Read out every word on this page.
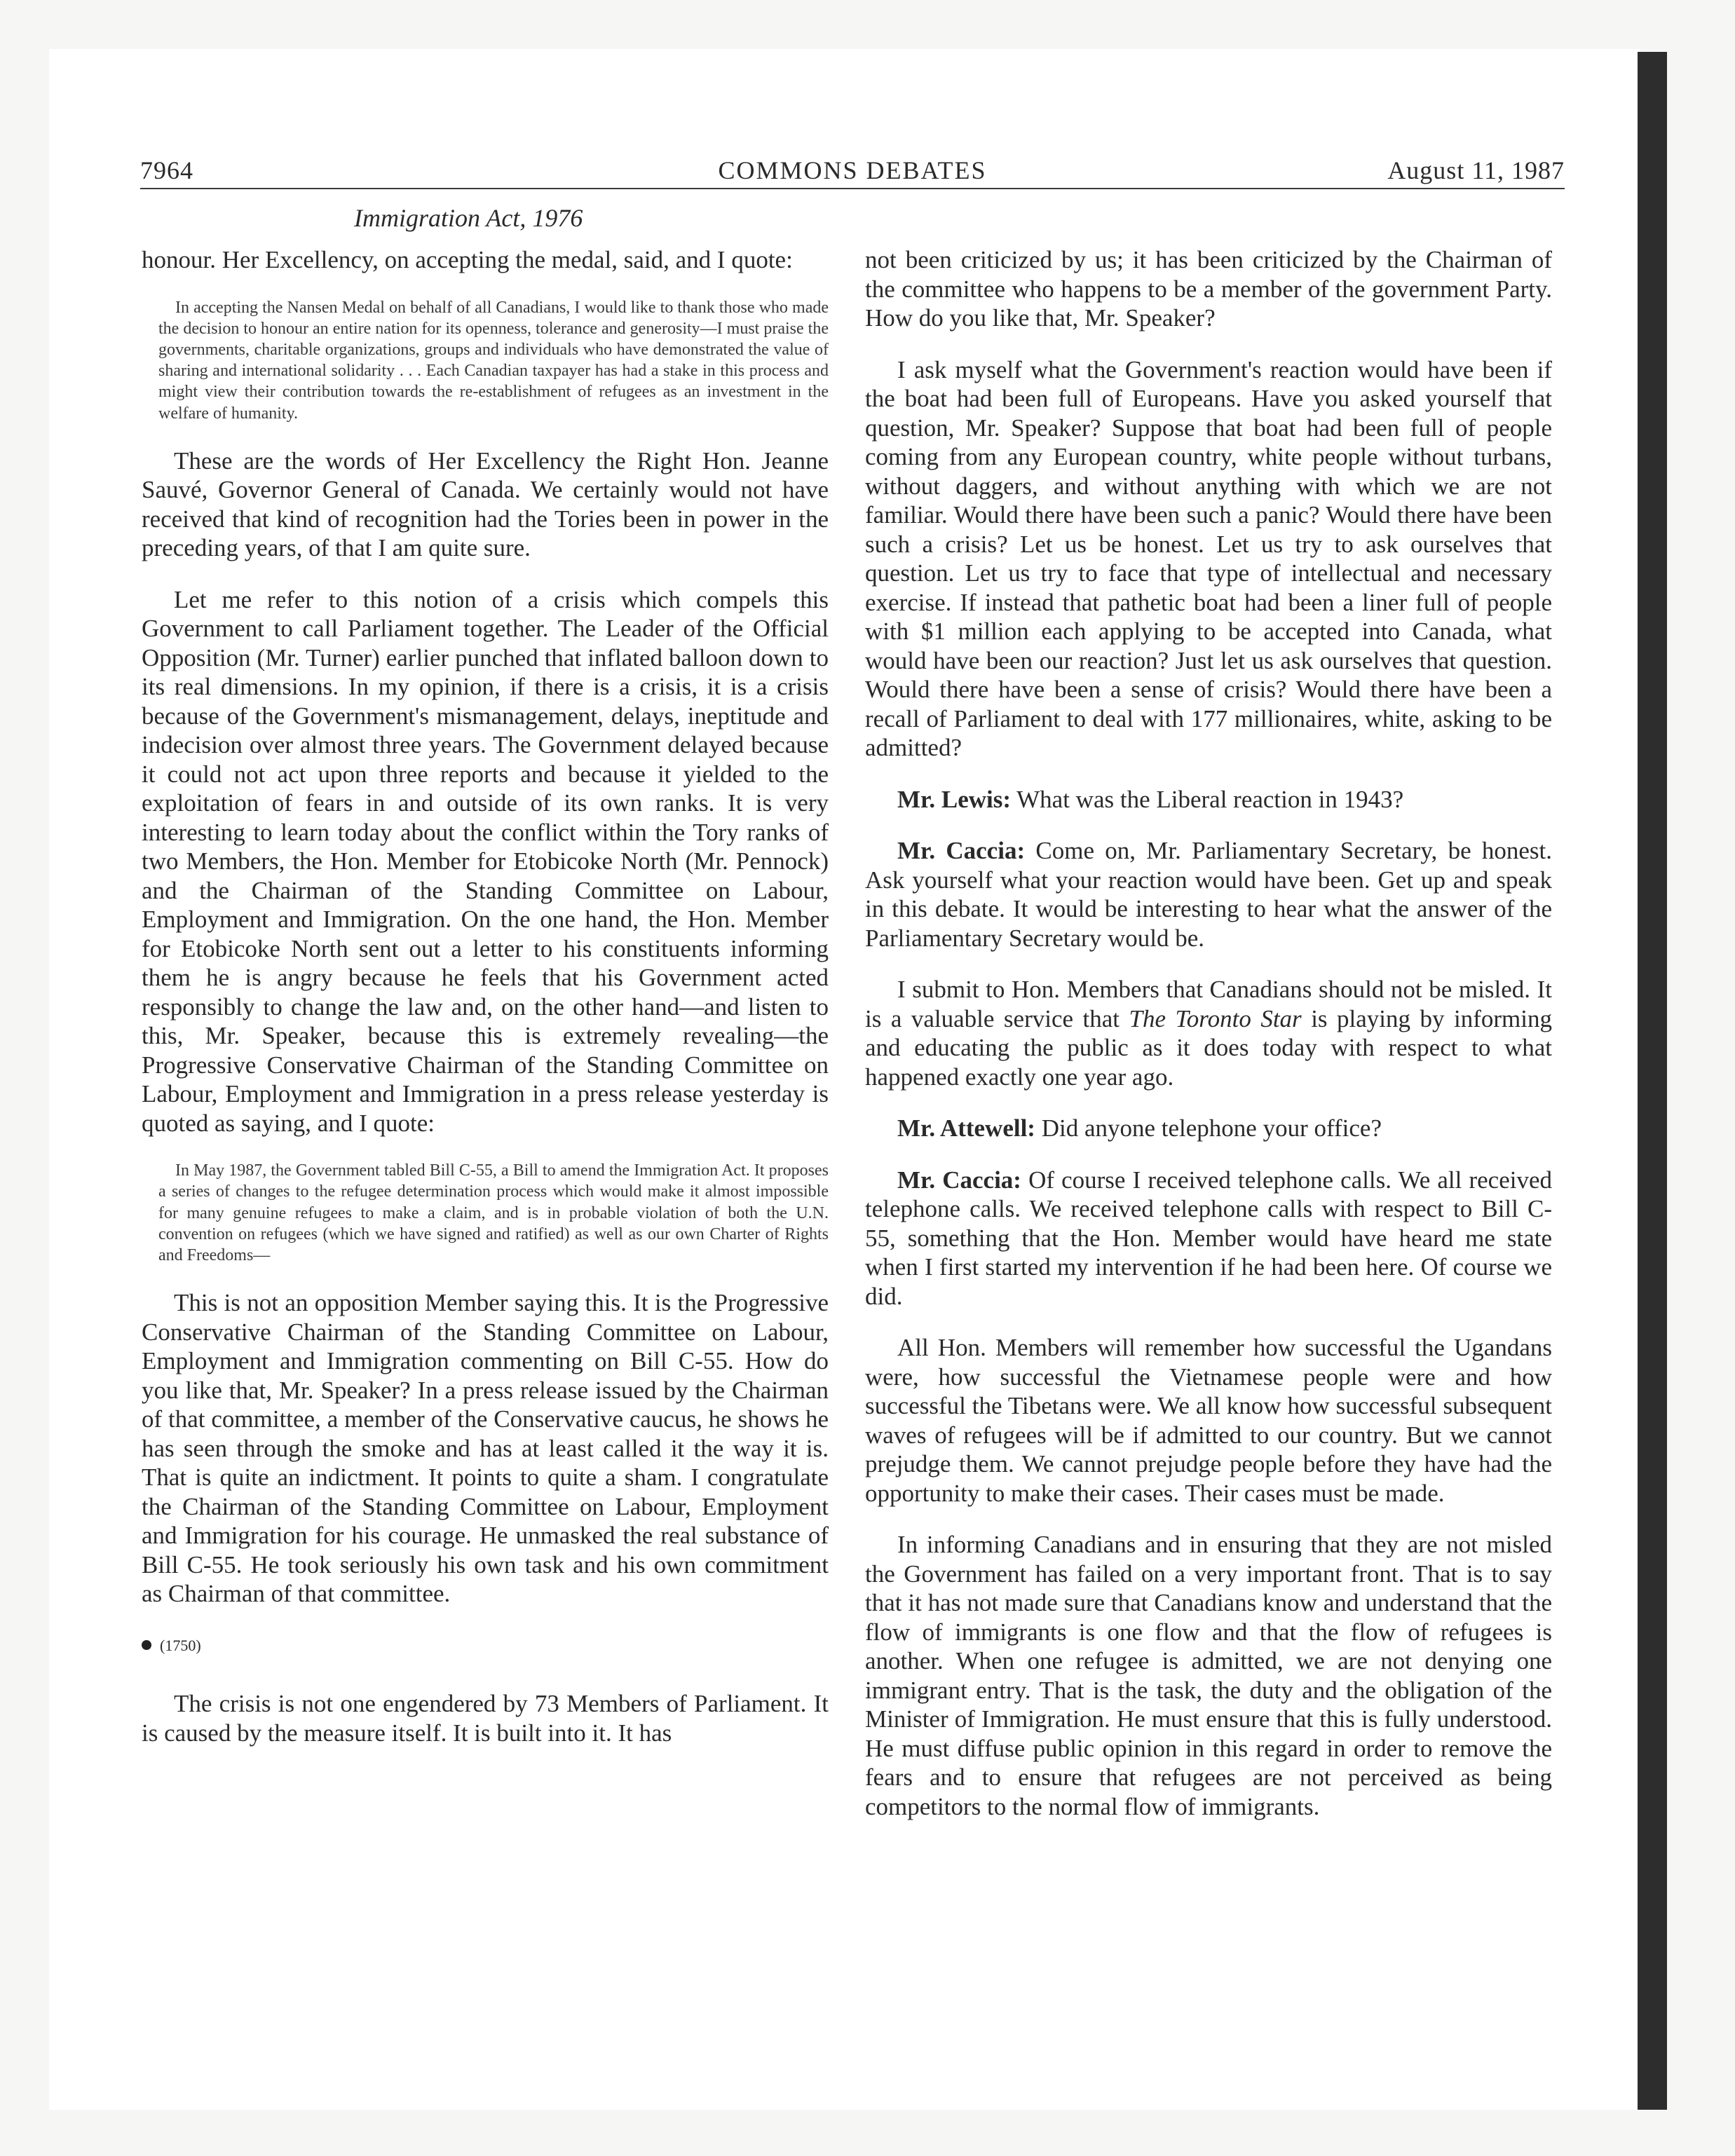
7964	COMMONS DEBATES	August 11, 1987
Immigration Act, 1976

honour. Her Excellency, on accepting the medal, said, and I quote:

In accepting the Nansen Medal on behalf of all Canadians, I would like to thank those who made the decision to honour an entire nation for its openness, tolerance and generosity—I must praise the governments, charitable organizations, groups and individuals who have demonstrated the value of sharing and international solidarity . . . Each Canadian taxpayer has had a stake in this process and might view their contribution towards the re-establishment of refugees as an investment in the welfare of humanity.

These are the words of Her Excellency the Right Hon. Jeanne Sauvé, Governor General of Canada. We certainly would not have received that kind of recognition had the Tories been in power in the preceding years, of that I am quite sure.

Let me refer to this notion of a crisis which compels this Government to call Parliament together. The Leader of the Official Opposition (Mr. Turner) earlier punched that inflated balloon down to its real dimensions. In my opinion, if there is a crisis, it is a crisis because of the Government's mismanagement, delays, ineptitude and indecision over almost three years. The Government delayed because it could not act upon three reports and because it yielded to the exploitation of fears in and outside of its own ranks. It is very interesting to learn today about the conflict within the Tory ranks of two Members, the Hon. Member for Etobicoke North (Mr. Pennock) and the Chairman of the Standing Committee on Labour, Employment and Immigration. On the one hand, the Hon. Member for Etobicoke North sent out a letter to his constituents informing them he is angry because he feels that his Government acted responsibly to change the law and, on the other hand—and listen to this, Mr. Speaker, because this is extremely revealing—the Progressive Conservative Chairman of the Standing Committee on Labour, Employment and Immigration in a press release yesterday is quoted as saying, and I quote:

In May 1987, the Government tabled Bill C-55, a Bill to amend the Immigration Act. It proposes a series of changes to the refugee determination process which would make it almost impossible for many genuine refugees to make a claim, and is in probable violation of both the U.N. convention on refugees (which we have signed and ratified) as well as our own Charter of Rights and Freedoms—

This is not an opposition Member saying this. It is the Progressive Conservative Chairman of the Standing Committee on Labour, Employment and Immigration commenting on Bill C-55. How do you like that, Mr. Speaker? In a press release issued by the Chairman of that committee, a member of the Conservative caucus, he shows he has seen through the smoke and has at least called it the way it is. That is quite an indictment. It points to quite a sham. I congratulate the Chairman of the Standing Committee on Labour, Employment and Immigration for his courage. He unmasked the real substance of Bill C-55. He took seriously his own task and his own commitment as Chairman of that committee.

(1750)

The crisis is not one engendered by 73 Members of Parliament. It is caused by the measure itself. It is built into it. It has

not been criticized by us; it has been criticized by the Chairman of the committee who happens to be a member of the government Party. How do you like that, Mr. Speaker?

I ask myself what the Government's reaction would have been if the boat had been full of Europeans. Have you asked yourself that question, Mr. Speaker? Suppose that boat had been full of people coming from any European country, white people without turbans, without daggers, and without anything with which we are not familiar. Would there have been such a panic? Would there have been such a crisis? Let us be honest. Let us try to ask ourselves that question. Let us try to face that type of intellectual and necessary exercise. If instead that pathetic boat had been a liner full of people with $1 million each applying to be accepted into Canada, what would have been our reaction? Just let us ask ourselves that question. Would there have been a sense of crisis? Would there have been a recall of Parliament to deal with 177 millionaires, white, asking to be admitted?

Mr. Lewis: What was the Liberal reaction in 1943?

Mr. Caccia: Come on, Mr. Parliamentary Secretary, be honest. Ask yourself what your reaction would have been. Get up and speak in this debate. It would be interesting to hear what the answer of the Parliamentary Secretary would be.

I submit to Hon. Members that Canadians should not be misled. It is a valuable service that The Toronto Star is playing by informing and educating the public as it does today with respect to what happened exactly one year ago.

Mr. Attewell: Did anyone telephone your office?

Mr. Caccia: Of course I received telephone calls. We all received telephone calls. We received telephone calls with respect to Bill C-55, something that the Hon. Member would have heard me state when I first started my intervention if he had been here. Of course we did.

All Hon. Members will remember how successful the Ugandans were, how successful the Vietnamese people were and how successful the Tibetans were. We all know how successful subsequent waves of refugees will be if admitted to our country. But we cannot prejudge them. We cannot prejudge people before they have had the opportunity to make their cases. Their cases must be made.

In informing Canadians and in ensuring that they are not misled the Government has failed on a very important front. That is to say that it has not made sure that Canadians know and understand that the flow of immigrants is one flow and that the flow of refugees is another. When one refugee is admitted, we are not denying one immigrant entry. That is the task, the duty and the obligation of the Minister of Immigration. He must ensure that this is fully understood. He must diffuse public opinion in this regard in order to remove the fears and to ensure that refugees are not perceived as being competitors to the normal flow of immigrants.
